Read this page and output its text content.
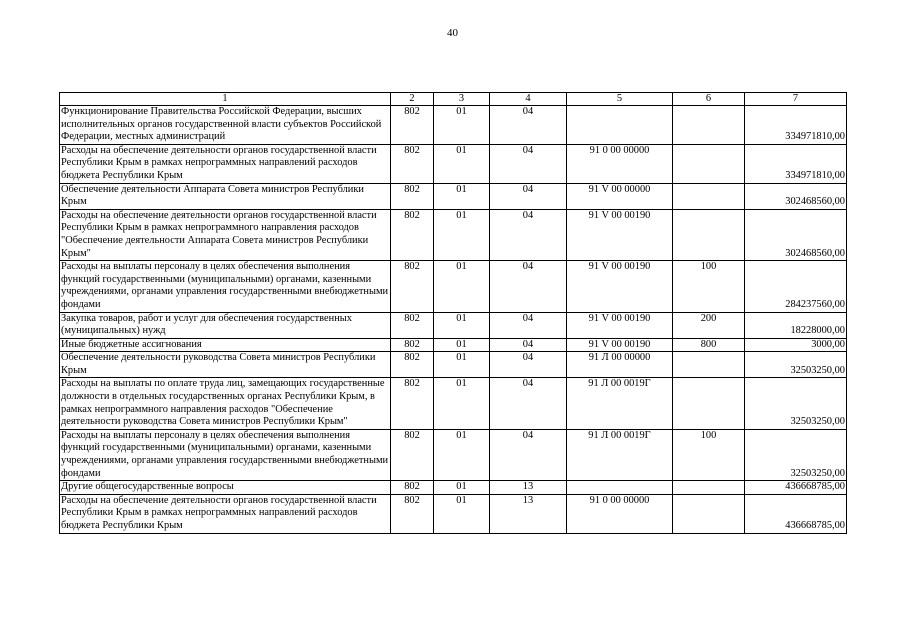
40
1	2	3	4	5	6	7
Функционирование Правительства Российской Федерации, высших исполнительных органов государственной власти субъектов Российской Федерации, местных администраций	802	01	04			334971810,00
Расходы на обеспечение деятельности органов государственной власти Республики Крым в рамках непрограммных направлений расходов бюджета Республики Крым	802	01	04	91 0 00 00000		334971810,00
Обеспечение деятельности Аппарата Совета министров Республики Крым	802	01	04	91 V 00 00000		302468560,00
Расходы на обеспечение деятельности органов государственной власти Республики Крым в рамках непрограммного направления расходов "Обеспечение деятельности Аппарата Совета министров Республики Крым"	802	01	04	91 V 00 00190		302468560,00
Расходы на выплаты персоналу в целях обеспечения выполнения функций государственными (муниципальными) органами, казенными учреждениями, органами управления государственными внебюджетными фондами	802	01	04	91 V 00 00190	100	284237560,00
Закупка товаров, работ и услуг для обеспечения государственных (муниципальных) нужд	802	01	04	91 V 00 00190	200	18228000,00
Иные бюджетные ассигнования	802	01	04	91 V 00 00190	800	3000,00
Обеспечение деятельности руководства Совета министров Республики Крым	802	01	04	91 Л 00 00000		32503250,00
Расходы на выплаты по оплате труда лиц, замещающих государственные должности в отдельных государственных органах Республики Крым, в рамках непрограммного направления расходов "Обеспечение деятельности руководства Совета министров Республики Крым"	802	01	04	91 Л 00 0019Г		32503250,00
Расходы на выплаты персоналу в целях обеспечения выполнения функций государственными (муниципальными) органами, казенными учреждениями, органами управления государственными внебюджетными фондами	802	01	04	91 Л 00 0019Г	100	32503250,00
Другие общегосударственные вопросы	802	01	13			436668785,00
Расходы на обеспечение деятельности органов государственной власти Республики Крым в рамках непрограммных направлений расходов бюджета Республики Крым	802	01	13	91 0 00 00000		436668785,00
